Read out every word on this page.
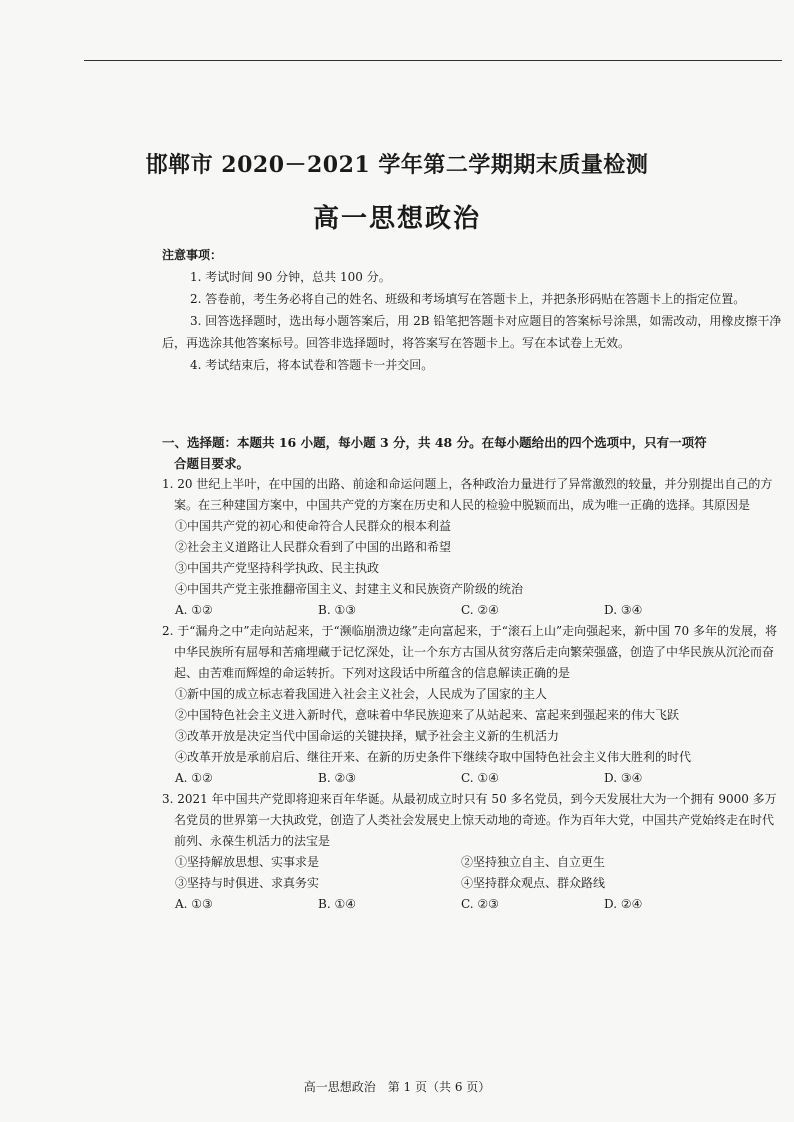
邯郸市 2020－2021 学年第二学期期末质量检测
高一思想政治
注意事项：

1. 考试时间 90 分钟，总共 100 分。

2. 答卷前，考生务必将自己的姓名、班级和考场填写在答题卡上，并把条形码贴在答题卡上的指定位置。

3. 回答选择题时，选出每小题答案后，用 2B 铅笔把答题卡对应题目的答案标号涂黑，如需改动，用橡皮擦干净后，再选涂其他答案标号。回答非选择题时，将答案写在答题卡上。写在本试卷上无效。

4. 考试结束后，将本试卷和答题卡一并交回。

一、选择题：本题共 16 小题，每小题 3 分，共 48 分。在每小题给出的四个选项中，只有一项符
合题目要求。

1. 20 世纪上半叶，在中国的出路、前途和命运问题上，各种政治力量进行了异常激烈的较量，并分别提出自己的方案。在三种建国方案中，中国共产党的方案在历史和人民的检验中脱颖而出，成为唯一正确的选择。其原因是

①中国共产党的初心和使命符合人民群众的根本利益

②社会主义道路让人民群众看到了中国的出路和希望

③中国共产党坚持科学执政、民主执政

④中国共产党主张推翻帝国主义、封建主义和民族资产阶级的统治

A. ①②	B. ①③	C. ②④	D. ③④

2. 于“漏舟之中”走向站起来，于“濒临崩溃边缘”走向富起来，于“滚石上山”走向强起来，新中国 70 多年的发展，将中华民族所有屈辱和苦痛埋藏于记忆深处，让一个东方古国从贫穷落后走向繁荣强盛，创造了中华民族从沉沦而奋起、由苦难而辉煌的命运转折。下列对这段话中所蕴含的信息解读正确的是

①新中国的成立标志着我国进入社会主义社会，人民成为了国家的主人

②中国特色社会主义进入新时代，意味着中华民族迎来了从站起来、富起来到强起来的伟大飞跃

③改革开放是决定当代中国命运的关键抉择，赋予社会主义新的生机活力

④改革开放是承前启后、继往开来、在新的历史条件下继续夺取中国特色社会主义伟大胜利的时代

A. ①②	B. ②③	C. ①④	D. ③④

3. 2021 年中国共产党即将迎来百年华诞。从最初成立时只有 50 多名党员，到今天发展壮大为一个拥有 9000 多万名党员的世界第一大执政党，创造了人类社会发展史上惊天动地的奇迹。作为百年大党，中国共产党始终走在时代前列、永葆生机活力的法宝是

①坚持解放思想、实事求是	②坚持独立自主、自立更生
③坚持与时俱进、求真务实	④坚持群众观点、群众路线
A. ①③	B. ①④	C. ②③	D. ②④
高一思想政治　第 1 页（共 6 页）
